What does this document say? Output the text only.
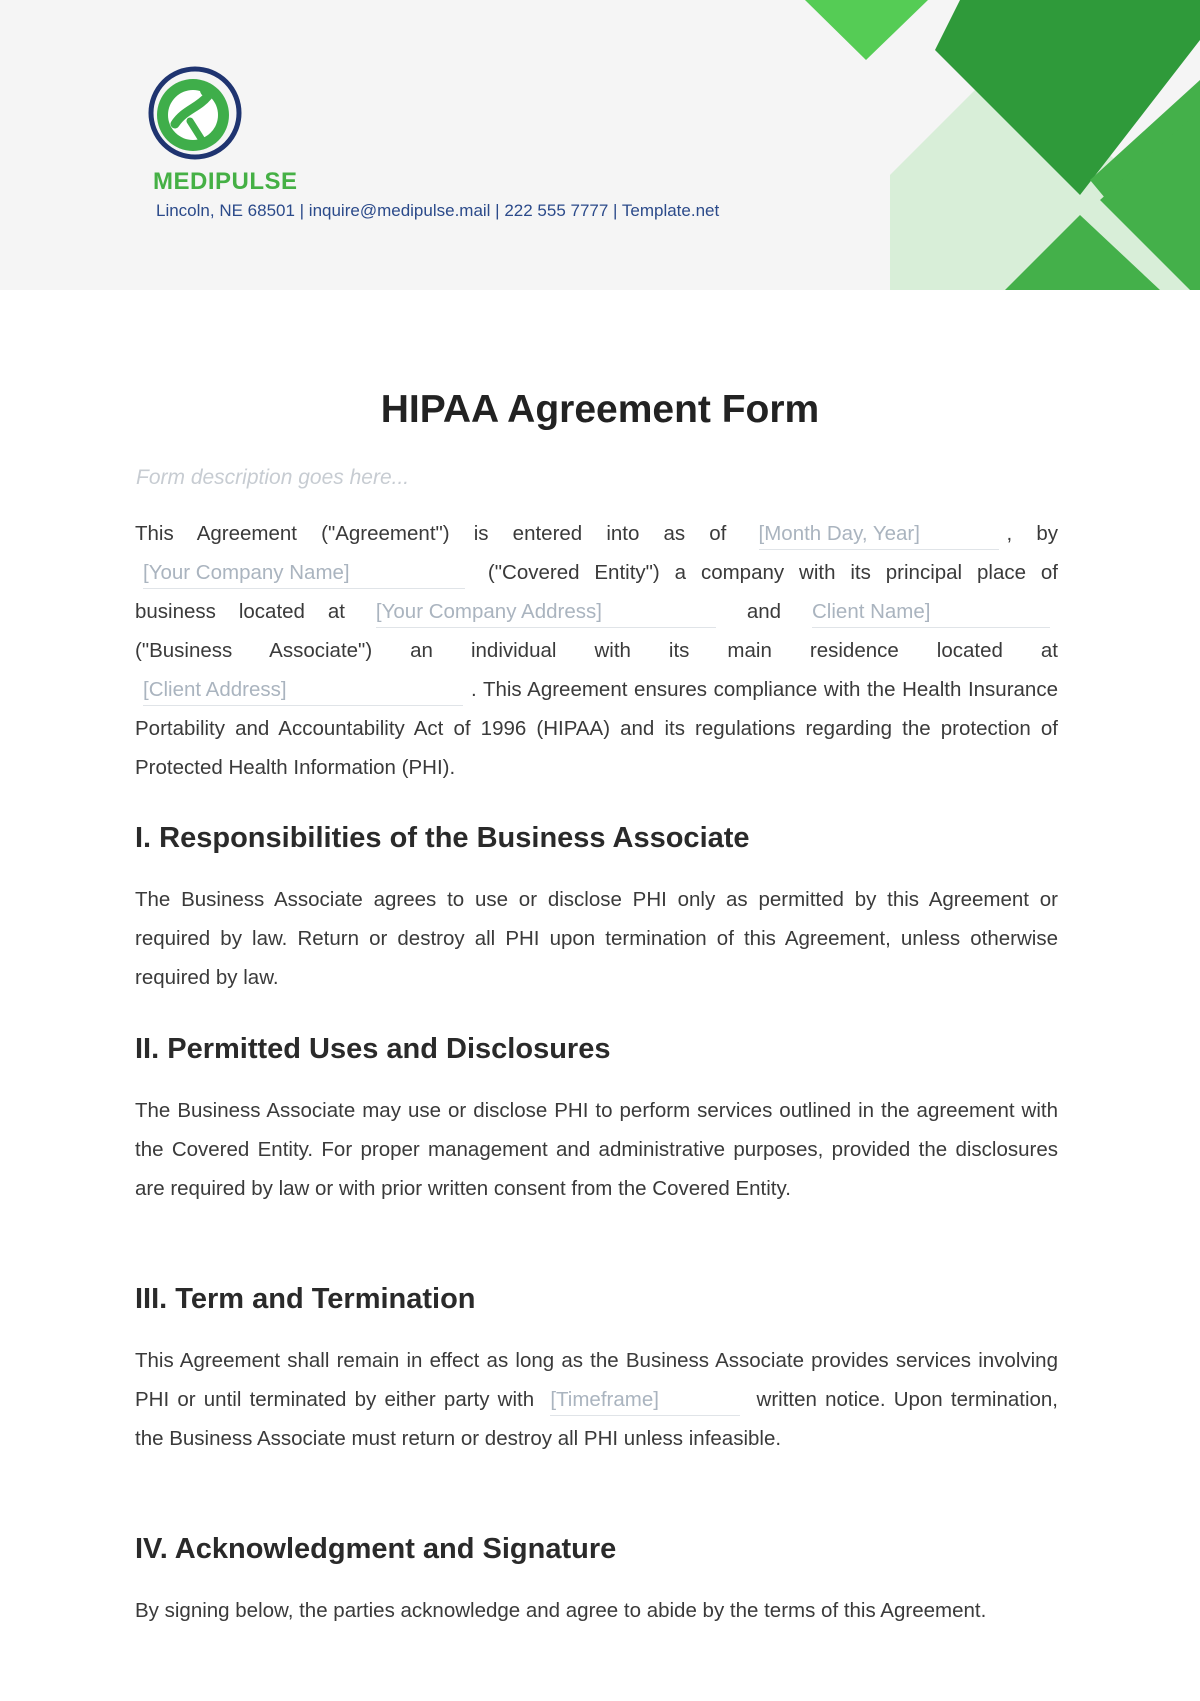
MEDIPULSE
Lincoln, NE 68501 | inquire@medipulse.mail | 222 555 7777 | Template.net
HIPAA Agreement Form
Form description goes here...

This Agreement ("Agreement") is entered into as of [Month Day, Year]	, by [Your Company Name]	("Covered Entity") a company with its principal place of business located at [Your Company Address]	and Client Name] ("Business Associate") an individual with its main residence located at [Client Address]	. This Agreement ensures compliance with the Health Insurance Portability and Accountability Act of 1996 (HIPAA) and its regulations regarding the protection of Protected Health Information (PHI).

I. Responsibilities of the Business Associate

The Business Associate agrees to use or disclose PHI only as permitted by this Agreement or required by law. Return or destroy all PHI upon termination of this Agreement, unless otherwise required by law.

II. Permitted Uses and Disclosures

The Business Associate may use or disclose PHI to perform services outlined in the agreement with the Covered Entity. For proper management and administrative purposes, provided the disclosures are required by law or with prior written consent from the Covered Entity.

III. Term and Termination

This Agreement shall remain in effect as long as the Business Associate provides services involving PHI or until terminated by either party with [Timeframe]	written notice. Upon termination, the Business Associate must return or destroy all PHI unless infeasible.

IV. Acknowledgment and Signature

By signing below, the parties acknowledge and agree to abide by the terms of this Agreement.
